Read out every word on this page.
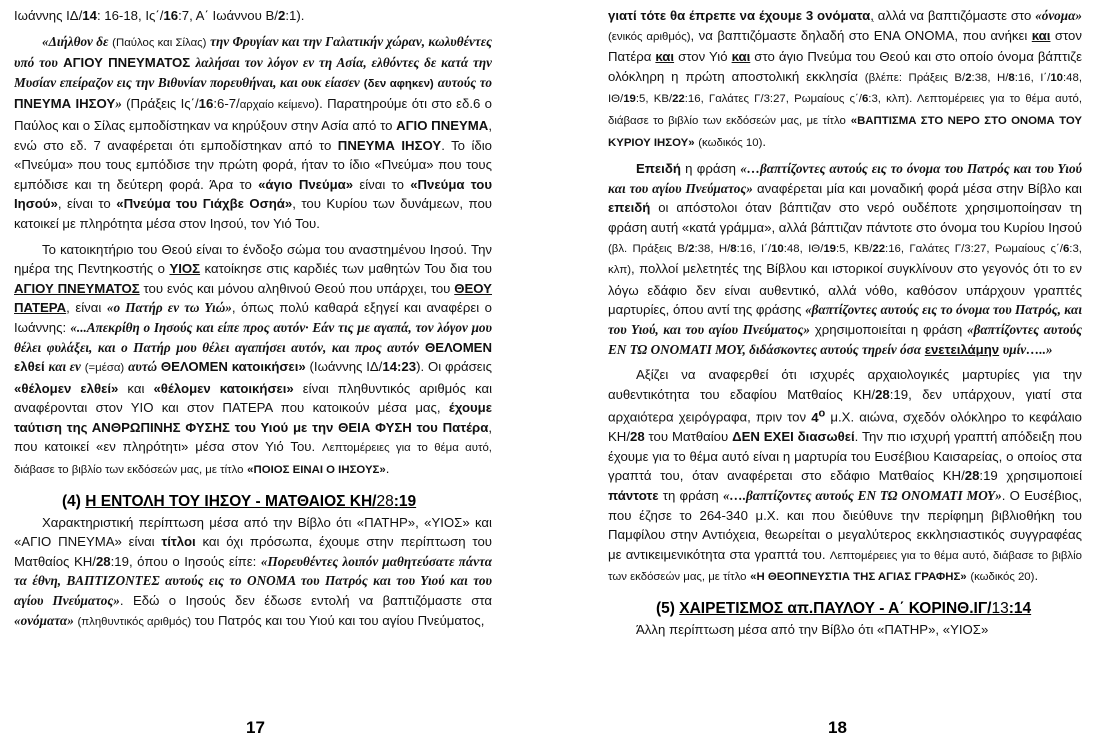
Ιωάννης ΙΔ/14: 16-18, Ις΄/16:7, Α΄ Ιωάννου Β/2:1).
«Διήλθον δε (Παύλος και Σίλας) την Φρυγίαν και την Γαλατικήν χώραν, κωλυθέντες υπό του ΑΓΙΟΥ ΠΝΕΥΜΑΤΟΣ λαλήσαι τον λόγον εν τη Ασία, ελθόντες δε κατά την Μυσίαν επείραζον εις την Βιθυνίαν πορευθήναι, και ουκ είασεν (δεν αφηκεν) αυτούς το ΠΝΕΥΜΑ ΙΗΣΟΥ» (Πράξεις Ις΄/16:6-7/αρχαίο κείμενο). Παρατηρούμε ότι στο εδ.6 ο Παύλος και ο Σίλας εμποδίστηκαν να κηρύξουν στην Ασία από το ΑΓΙΟ ΠΝΕΥΜΑ, ενώ στο εδ. 7 αναφέρεται ότι εμποδίστηκαν από το ΠΝΕΥΜΑ ΙΗΣΟΥ. Το ίδιο «Πνεύμα» που τους εμπόδισε την πρώτη φορά, ήταν το ίδιο «Πνεύμα» που τους εμπόδισε και τη δεύτερη φορά. Άρα το «άγιο Πνεύμα» είναι το «Πνεύμα του Ιησού», είναι το «Πνεύμα του Γιάχβε Οσηά», του Κυρίου των δυνάμεων, που κατοικεί με πληρότητα μέσα στον Ιησού, τον Υιό Του.
Το κατοικητήριο του Θεού είναι το ένδοξο σώμα του αναστημένου Ιησού. Την ημέρα της Πεντηκοστής ο ΥΙΟΣ κατοίκησε στις καρδιές των μαθητών Του δια του ΑΓΙΟΥ ΠΝΕΥΜΑΤΟΣ του ενός και μόνου αληθινού Θεού που υπάρχει, του ΘΕΟΥ ΠΑΤΕΡΑ, είναι «ο Πατήρ εν τω Υιώ», όπως πολύ καθαρά εξηγεί και αναφέρει ο Ιωάννης: «...Απεκρίθη ο Ιησούς και είπε προς αυτόν· Εάν τις με αγαπά, τον λόγον μου θέλει φυλάξει, και ο Πατήρ μου θέλει αγαπήσει αυτόν, και προς αυτόν ΘΕΛΟΜΕΝ ελθεί και εν (=μέσα) αυτώ ΘΕΛΟΜΕΝ κατοικήσει» (Ιωάννης ΙΔ/14:23). Οι φράσεις «θέλομεν ελθεί» και «θέλομεν κατοικήσει» είναι πληθυντικός αριθμός και αναφέρονται στον ΥΙΟ και στον ΠΑΤΕΡΑ που κατοικούν μέσα μας, έχουμε ταύτιση της ΑΝΘΡΩΠΙΝΗΣ ΦΥΣΗΣ του Υιού με την ΘΕΙΑ ΦΥΣΗ του Πατέρα, που κατοικεί «εν πληρότητι» μέσα στον Υιό Του. Λεπτομέρειες για το θέμα αυτό, διάβασε το βιβλίο των εκδόσεών μας, με τίτλο «ΠΟΙΟΣ ΕΙΝΑΙ Ο ΙΗΣΟΥΣ».
(4) Η ΕΝΤΟΛΗ ΤΟΥ ΙΗΣΟΥ - ΜΑΤΘΑΙΟΣ ΚΗ/28:19
Χαρακτηριστική περίπτωση μέσα από την Βίβλο ότι «ΠΑΤΗΡ», «ΥΙΟΣ» και «ΑΓΙΟ ΠΝΕΥΜΑ» είναι τίτλοι και όχι πρόσωπα, έχουμε στην περίπτωση του Ματθαίος ΚΗ/28:19, όπου ο Ιησούς είπε: «Πορευθέντες λοιπόν μαθητεύσατε πάντα τα έθνη, ΒΑΠΤΙΖΟΝΤΕΣ αυτούς εις το ΟΝΟΜΑ του Πατρός και του Υιού και του αγίου Πνεύματος». Εδώ ο Ιησούς δεν έδωσε εντολή να βαπτιζόμαστε στα «ονόματα» (πληθυντικός αριθμός) του Πατρός και του Υιού και του αγίου Πνεύματος,
γιατί τότε θα έπρεπε να έχουμε 3 ονόματα, αλλά να βαπτιζόμαστε στο «όνομα» (ενικός αριθμός), να βαπτιζόμαστε δηλαδή στο ΕΝΑ ΟΝΟΜΑ, που ανήκει και στον Πατέρα και στον Υιό και στο άγιο Πνεύμα του Θεού και στο οποίο όνομα βάπτιζε ολόκληρη η πρώτη αποστολική εκκλησία (βλέπε: Πράξεις Β/2:38, Η/8:16, Ι΄/10:48, ΙΘ/19:5, ΚΒ/22:16, Γαλάτες Γ/3:27, Ρωμαίους ς΄/6:3, κλπ). Λεπτομέρειες για το θέμα αυτό, διάβασε το βιβλίο των εκδόσεών μας, με τίτλο «ΒΑΠΤΙΣΜΑ ΣΤΟ ΝΕΡΟ ΣΤΟ ΟΝΟΜΑ ΤΟΥ ΚΥΡΙΟΥ ΙΗΣΟΥ» (κωδικός 10).
Επειδή η φράση «…βαπτίζοντες αυτούς εις το όνομα του Πατρός και του Υιού και του αγίου Πνεύματος» αναφέρεται μία και μοναδική φορά μέσα στην Βίβλο και επειδή οι απόστολοι όταν βάπτιζαν στο νερό ουδέποτε χρησιμοποίησαν τη φράση αυτή «κατά γράμμα», αλλά βάπτιζαν πάντοτε στο όνομα του Κυρίου Ιησού (βλ. Πράξεις Β/2:38, Η/8:16, Ι΄/10:48, ΙΘ/19:5, ΚΒ/22:16, Γαλάτες Γ/3:27, Ρωμαίους ς΄/6:3, κλπ), πολλοί μελετητές της Βίβλου και ιστορικοί συγκλίνουν στο γεγονός ότι το εν λόγω εδάφιο δεν είναι αυθεντικό, αλλά νόθο, καθόσον υπάρχουν γραπτές μαρτυρίες, όπου αντί της φράσης «βαπτίζοντες αυτούς εις το όνομα του Πατρός, και του Υιού, και του αγίου Πνεύματος» χρησιμοποιείται η φράση «βαπτίζοντες αυτούς ΕΝ ΤΩ ΟΝΟΜΑΤΙ ΜΟΥ, διδάσκοντες αυτούς τηρείν όσα ενετειλάμην υμίν…..»
Αξίζει να αναφερθεί ότι ισχυρές αρχαιολογικές μαρτυρίες για την αυθεντικότητα του εδαφίου Ματθαίος ΚΗ/28:19, δεν υπάρχουν, γιατί στα αρχαιότερα χειρόγραφα, πριν τον $4^o$ μ.Χ. αιώνα, σχεδόν ολόκληρο το κεφάλαιο ΚΗ/28 του Ματθαίου ΔΕΝ ΕΧΕΙ διασωθεί. Την πιο ισχυρή γραπτή απόδειξη που έχουμε για το θέμα αυτό είναι η μαρτυρία του Ευσέβιου Καισαρείας, ο οποίος στα γραπτά του, όταν αναφέρεται στο εδάφιο Ματθαίος ΚΗ/28:19 χρησιμοποιεί πάντοτε τη φράση «….βαπτίζοντες αυτούς ΕΝ ΤΩ ΟΝΟΜΑΤΙ ΜΟΥ». Ο Ευσέβιος, που έζησε το 264-340 μ.Χ. και που διεύθυνε την περίφημη βιβλιοθήκη του Παμφίλου στην Αντιόχεια, θεωρείται ο μεγαλύτερος εκκλησιαστικός συγγραφέας με αντικειμενικότητα στα γραπτά του. Λεπτομέρειες για το θέμα αυτό, διάβασε το βιβλίο των εκδόσεών μας, με τίτλο «Η ΘΕΟΠΝΕΥΣΤΙΑ ΤΗΣ ΑΓΙΑΣ ΓΡΑΦΗΣ» (κωδικός 20).
(5) ΧΑΙΡΕΤΙΣΜΟΣ απ.ΠΑΥΛΟΥ - Α΄ ΚΟΡΙΝΘ.ΙΓ/13:14
Άλλη περίπτωση μέσα από την Βίβλο ότι «ΠΑΤΗΡ», «ΥΙΟΣ»
17	18
